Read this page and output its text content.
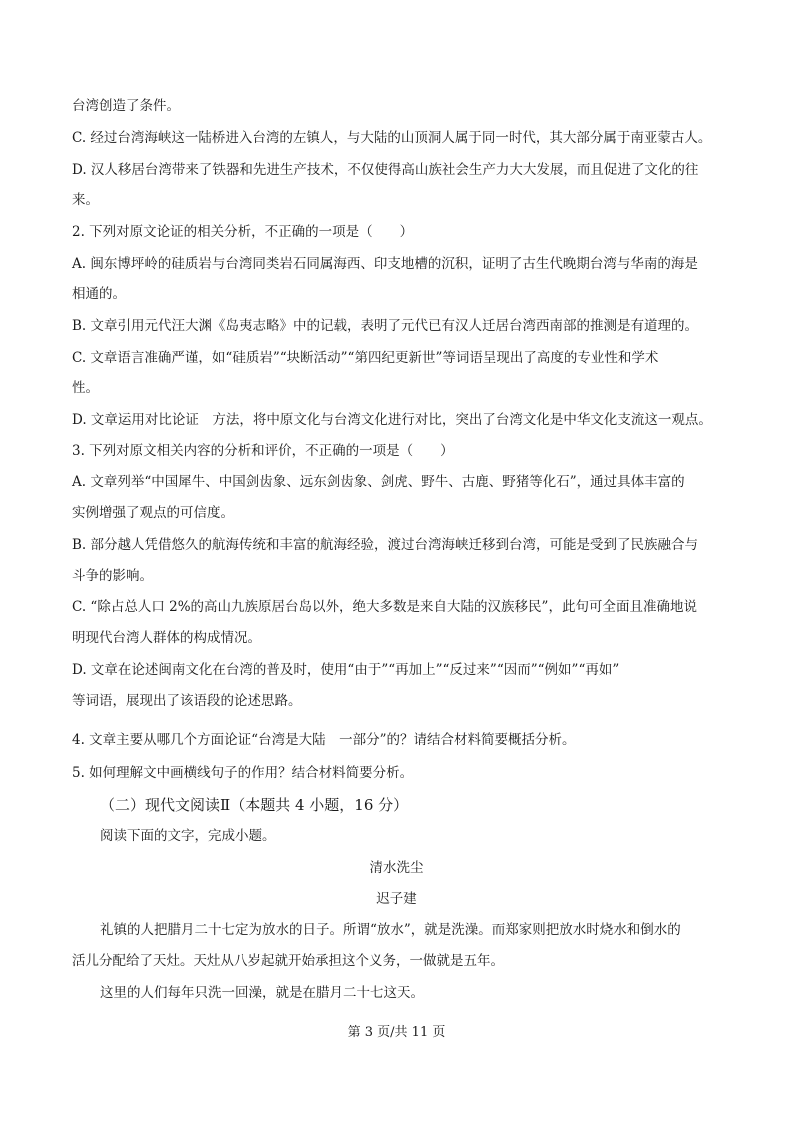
台湾创造了条件。
C. 经过台湾海峡这一陆桥进入台湾的左镇人，与大陆的山顶洞人属于同一时代，其大部分属于南亚蒙古人。
D. 汉人移居台湾带来了铁器和先进生产技术，不仅使得高山族社会生产力大大发展，而且促进了文化的往
来。
2. 下列对原文论证的相关分析，不正确的一项是（　　）
A. 闽东博坪岭的硅质岩与台湾同类岩石同属海西、印支地槽的沉积，证明了古生代晚期台湾与华南的海是
相通的。
B. 文章引用元代汪大渊《岛夷志略》中的记载，表明了元代已有汉人迁居台湾西南部的推测是有道理的。
C. 文章语言准确严谨，如“硅质岩”“块断活动”“第四纪更新世”等词语呈现出了高度的专业性和学术
性。
D. 文章运用对比论证　方法，将中原文化与台湾文化进行对比，突出了台湾文化是中华文化支流这一观点。
3. 下列对原文相关内容的分析和评价，不正确的一项是（　　）
A. 文章列举“中国犀牛、中国剑齿象、远东剑齿象、剑虎、野牛、古鹿、野猪等化石”，通过具体丰富的
实例增强了观点的可信度。
B. 部分越人凭借悠久的航海传统和丰富的航海经验，渡过台湾海峡迁移到台湾，可能是受到了民族融合与
斗争的影响。
C. “除占总人口 2%的高山九族原居台岛以外，绝大多数是来自大陆的汉族移民”，此句可全面且准确地说
明现代台湾人群体的构成情况。
D. 文章在论述闽南文化在台湾的普及时，使用“由于”“再加上”“反过来”“因而”“例如”“再如”
等词语，展现出了该语段的论述思路。
4. 文章主要从哪几个方面论证“台湾是大陆　一部分”的？请结合材料简要概括分析。
5. 如何理解文中画横线句子的作用？结合材料简要分析。
（二）现代文阅读Ⅱ（本题共 4 小题，16 分）
阅读下面的文字，完成小题。
清水洗尘
迟子建
礼镇的人把腊月二十七定为放水的日子。所谓“放水”，就是洗澡。而郑家则把放水时烧水和倒水的
活儿分配给了天灶。天灶从八岁起就开始承担这个义务，一做就是五年。
这里的人们每年只洗一回澡，就是在腊月二十七这天。
第 3 页/共 11 页
